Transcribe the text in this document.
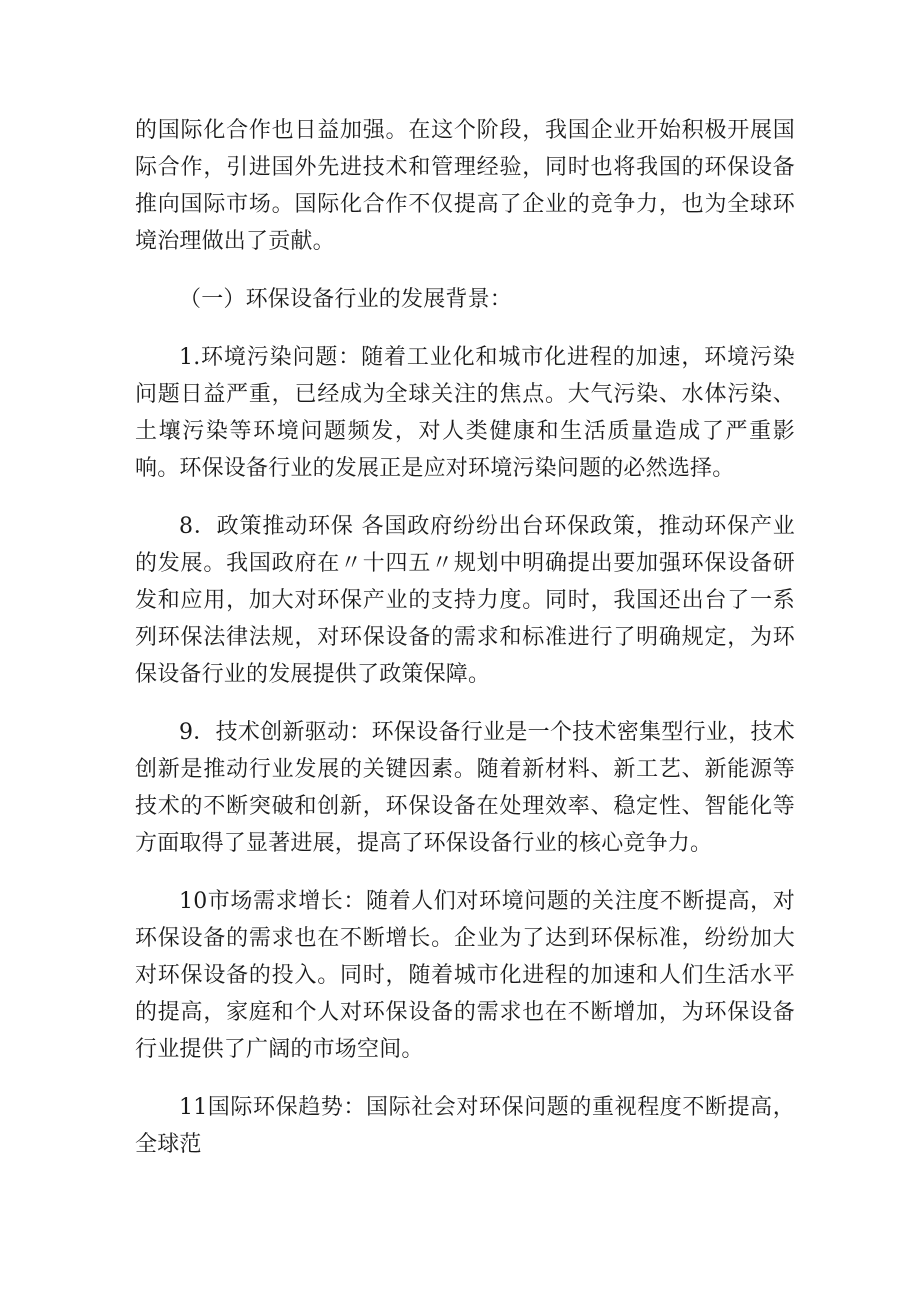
的国际化合作也日益加强。在这个阶段，我国企业开始积极开展国际合作，引进国外先进技术和管理经验，同时也将我国的环保设备推向国际市场。国际化合作不仅提高了企业的竞争力，也为全球环境治理做出了贡献。

（一）环保设备行业的发展背景：

1.环境污染问题：随着工业化和城市化进程的加速，环境污染问题日益严重，已经成为全球关注的焦点。大气污染、水体污染、土壤污染等环境问题频发，对人类健康和生活质量造成了严重影响。环保设备行业的发展正是应对环境污染问题的必然选择。

8．政策推动环保 各国政府纷纷出台环保政策，推动环保产业的发展。我国政府在〃十四五〃规划中明确提出要加强环保设备研发和应用，加大对环保产业的支持力度。同时，我国还出台了一系列环保法律法规，对环保设备的需求和标准进行了明确规定，为环保设备行业的发展提供了政策保障。

9．技术创新驱动：环保设备行业是一个技术密集型行业，技术创新是推动行业发展的关键因素。随着新材料、新工艺、新能源等技术的不断突破和创新，环保设备在处理效率、稳定性、智能化等方面取得了显著进展，提高了环保设备行业的核心竞争力。

10市场需求增长：随着人们对环境问题的关注度不断提高，对环保设备的需求也在不断增长。企业为了达到环保标准，纷纷加大对环保设备的投入。同时，随着城市化进程的加速和人们生活水平的提高，家庭和个人对环保设备的需求也在不断增加，为环保设备行业提供了广阔的市场空间。

11国际环保趋势：国际社会对环保问题的重视程度不断提高，全球范
